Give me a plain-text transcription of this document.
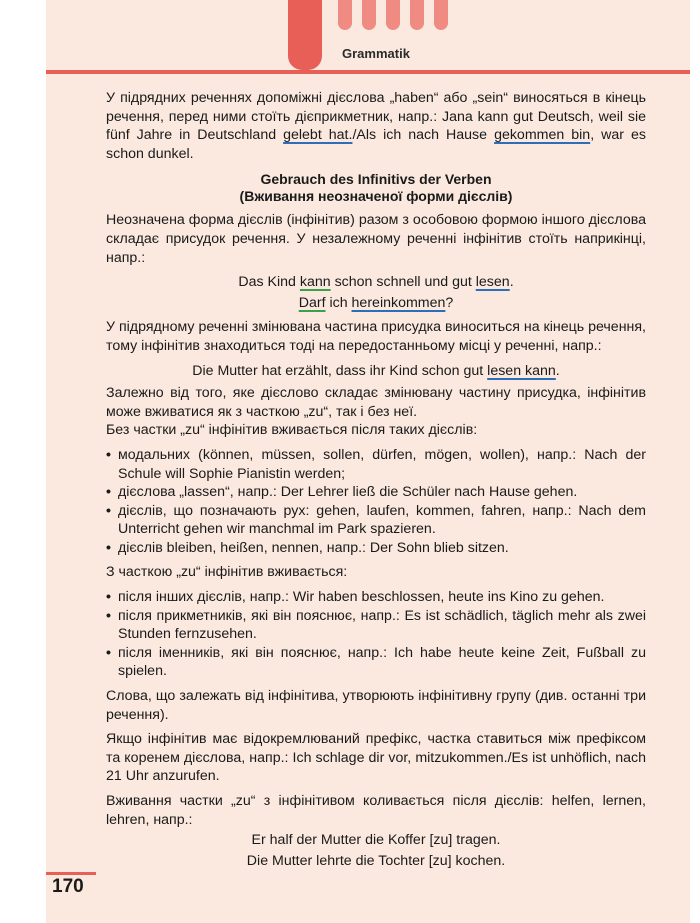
Grammatik

У підрядних реченнях допоміжні дієслова „haben“ або „sein“ виносяться в кінець речення, перед ними стоїть дієприкметник, напр.: Jana kann gut Deutsch, weil sie fünf Jahre in Deutschland gelebt hat./Als ich nach Hause gekommen bin, war es schon dunkel.

Gebrauch des Infinitivs der Verben
(Вживання неозначеної форми дієслів)

Неозначена форма дієслів (інфінітив) разом з особовою формою іншого дієслова складає присудок речення. У незалежному реченні інфінітив стоїть наприкінці, напр.:

Das Kind kann schon schnell und gut lesen.
Darf ich hereinkommen?

У підрядному реченні змінювана частина присудка виноситься на кінець речення, тому інфінітив знаходиться тоді на передостанньому місці у реченні, напр.:

Die Mutter hat erzählt, dass ihr Kind schon gut lesen kann.

Залежно від того, яке дієслово складає змінювану частину присудка, інфінітив може вживатися як з часткою „zu“, так і без неї.

Без частки „zu“ інфінітив вживається після таких дієслів:

• модальних (können, müssen, sollen, dürfen, mögen, wollen), напр.: Nach der Schule will Sophie Pianistin werden;
• дієслова „lassen“, напр.: Der Lehrer ließ die Schüler nach Hause gehen.
• дієслів, що позначають рух: gehen, laufen, kommen, fahren, напр.: Nach dem Unterricht gehen wir manchmal im Park spazieren.
• дієслів bleiben, heißen, nennen, напр.: Der Sohn blieb sitzen.

З часткою „zu“ інфінітив вживається:

• після інших дієслів, напр.: Wir haben beschlossen, heute ins Kino zu gehen.
• після прикметників, які він пояснює, напр.: Es ist schädlich, täglich mehr als zwei Stunden fernzusehen.
• після іменників, які він пояснює, напр.: Ich habe heute keine Zeit, Fußball zu spielen.

Слова, що залежать від інфінітива, утворюють інфінітивну групу (див. останні три речення).

Якщо інфінітив має відокремлюваний префікс, частка ставиться між префіксом та коренем дієслова, напр.: Ich schlage dir vor, mitzukommen./Es ist unhöflich, nach 21 Uhr anzurufen.

Вживання частки „zu“ з інфінітивом коливається після дієслів: helfen, lernen, lehren, напр.:

Er half der Mutter die Koffer [zu] tragen.
Die Mutter lehrte die Tochter [zu] kochen.
170
